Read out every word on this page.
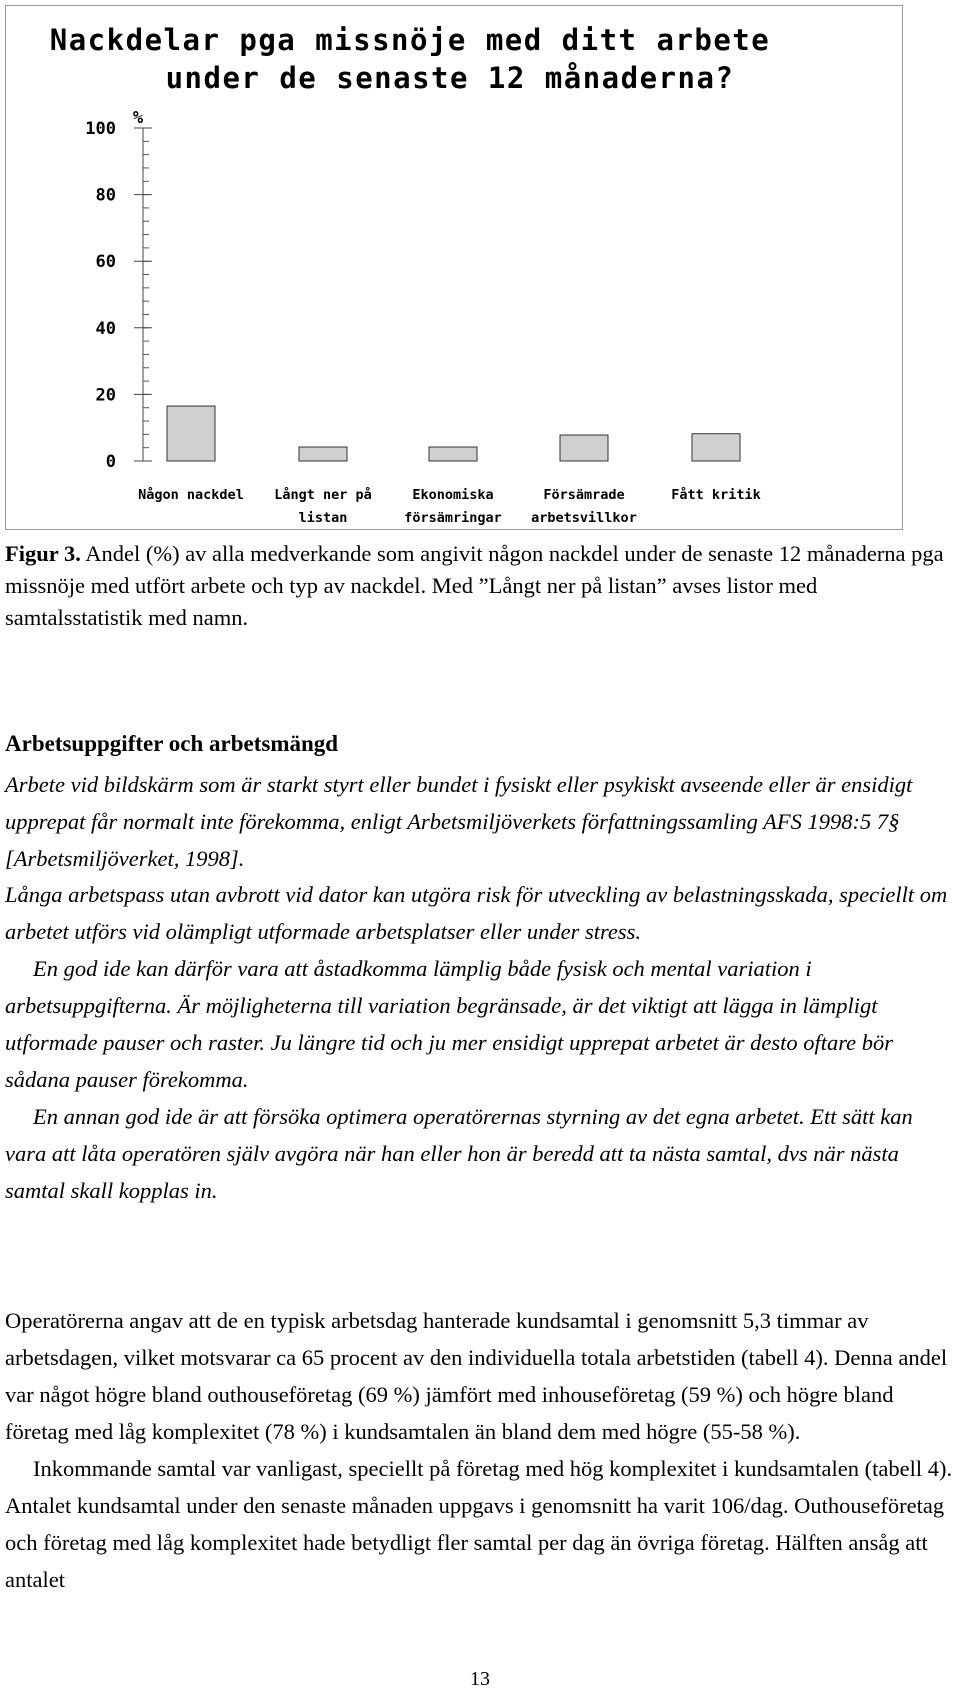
Nackdelar pga missnöje med ditt arbete
under de senaste 12 månaderna?
%
0
20
40
60
80
100
Någon nackdel Långt ner på
listan
Ekonomiska
försämringar
Försämrade
arbetsvillkor
Fått kritik
Figur 3. Andel (%) av alla medverkande som angivit någon nackdel under de senaste 12 månaderna pga missnöje med utfört arbete och typ av nackdel. Med ”Långt ner på listan” avses listor med samtalsstatistik med namn.
Arbetsuppgifter och arbetsmängd

Arbete vid bildskärm som är starkt styrt eller bundet i fysiskt eller psykiskt avseende eller är ensidigt upprepat får normalt inte förekomma, enligt Arbetsmiljöverkets författningssamling AFS 1998:5 7§ [Arbetsmiljöverket, 1998].

Långa arbetspass utan avbrott vid dator kan utgöra risk för utveckling av belastningsskada, speciellt om arbetet utförs vid olämpligt utformade arbetsplatser eller under stress.
En god ide kan därför vara att åstadkomma lämplig både fysisk och mental variation i arbetsuppgifterna. Är möjligheterna till variation begränsade, är det viktigt att lägga in lämpligt utformade pauser och raster. Ju längre tid och ju mer ensidigt upprepat arbetet är desto oftare bör sådana pauser förekomma.
En annan god ide är att försöka optimera operatörernas styrning av det egna arbetet. Ett sätt kan vara att låta operatören själv avgöra när han eller hon är beredd att ta nästa samtal, dvs när nästa samtal skall kopplas in.

Operatörerna angav att de en typisk arbetsdag hanterade kundsamtal i genomsnitt 5,3 timmar av arbetsdagen, vilket motsvarar ca 65 procent av den individuella totala arbetstiden (tabell 4). Denna andel var något högre bland outhouseföretag (69 %) jämfört med inhouseföretag (59 %) och högre bland företag med låg komplexitet (78 %) i kundsamtalen än bland dem med högre (55-58 %).
Inkommande samtal var vanligast, speciellt på företag med hög komplexitet i kundsamtalen (tabell 4). Antalet kundsamtal under den senaste månaden uppgavs i genomsnitt ha varit 106/dag. Outhouseföretag och företag med låg komplexitet hade betydligt fler samtal per dag än övriga företag. Hälften ansåg att antalet

13
